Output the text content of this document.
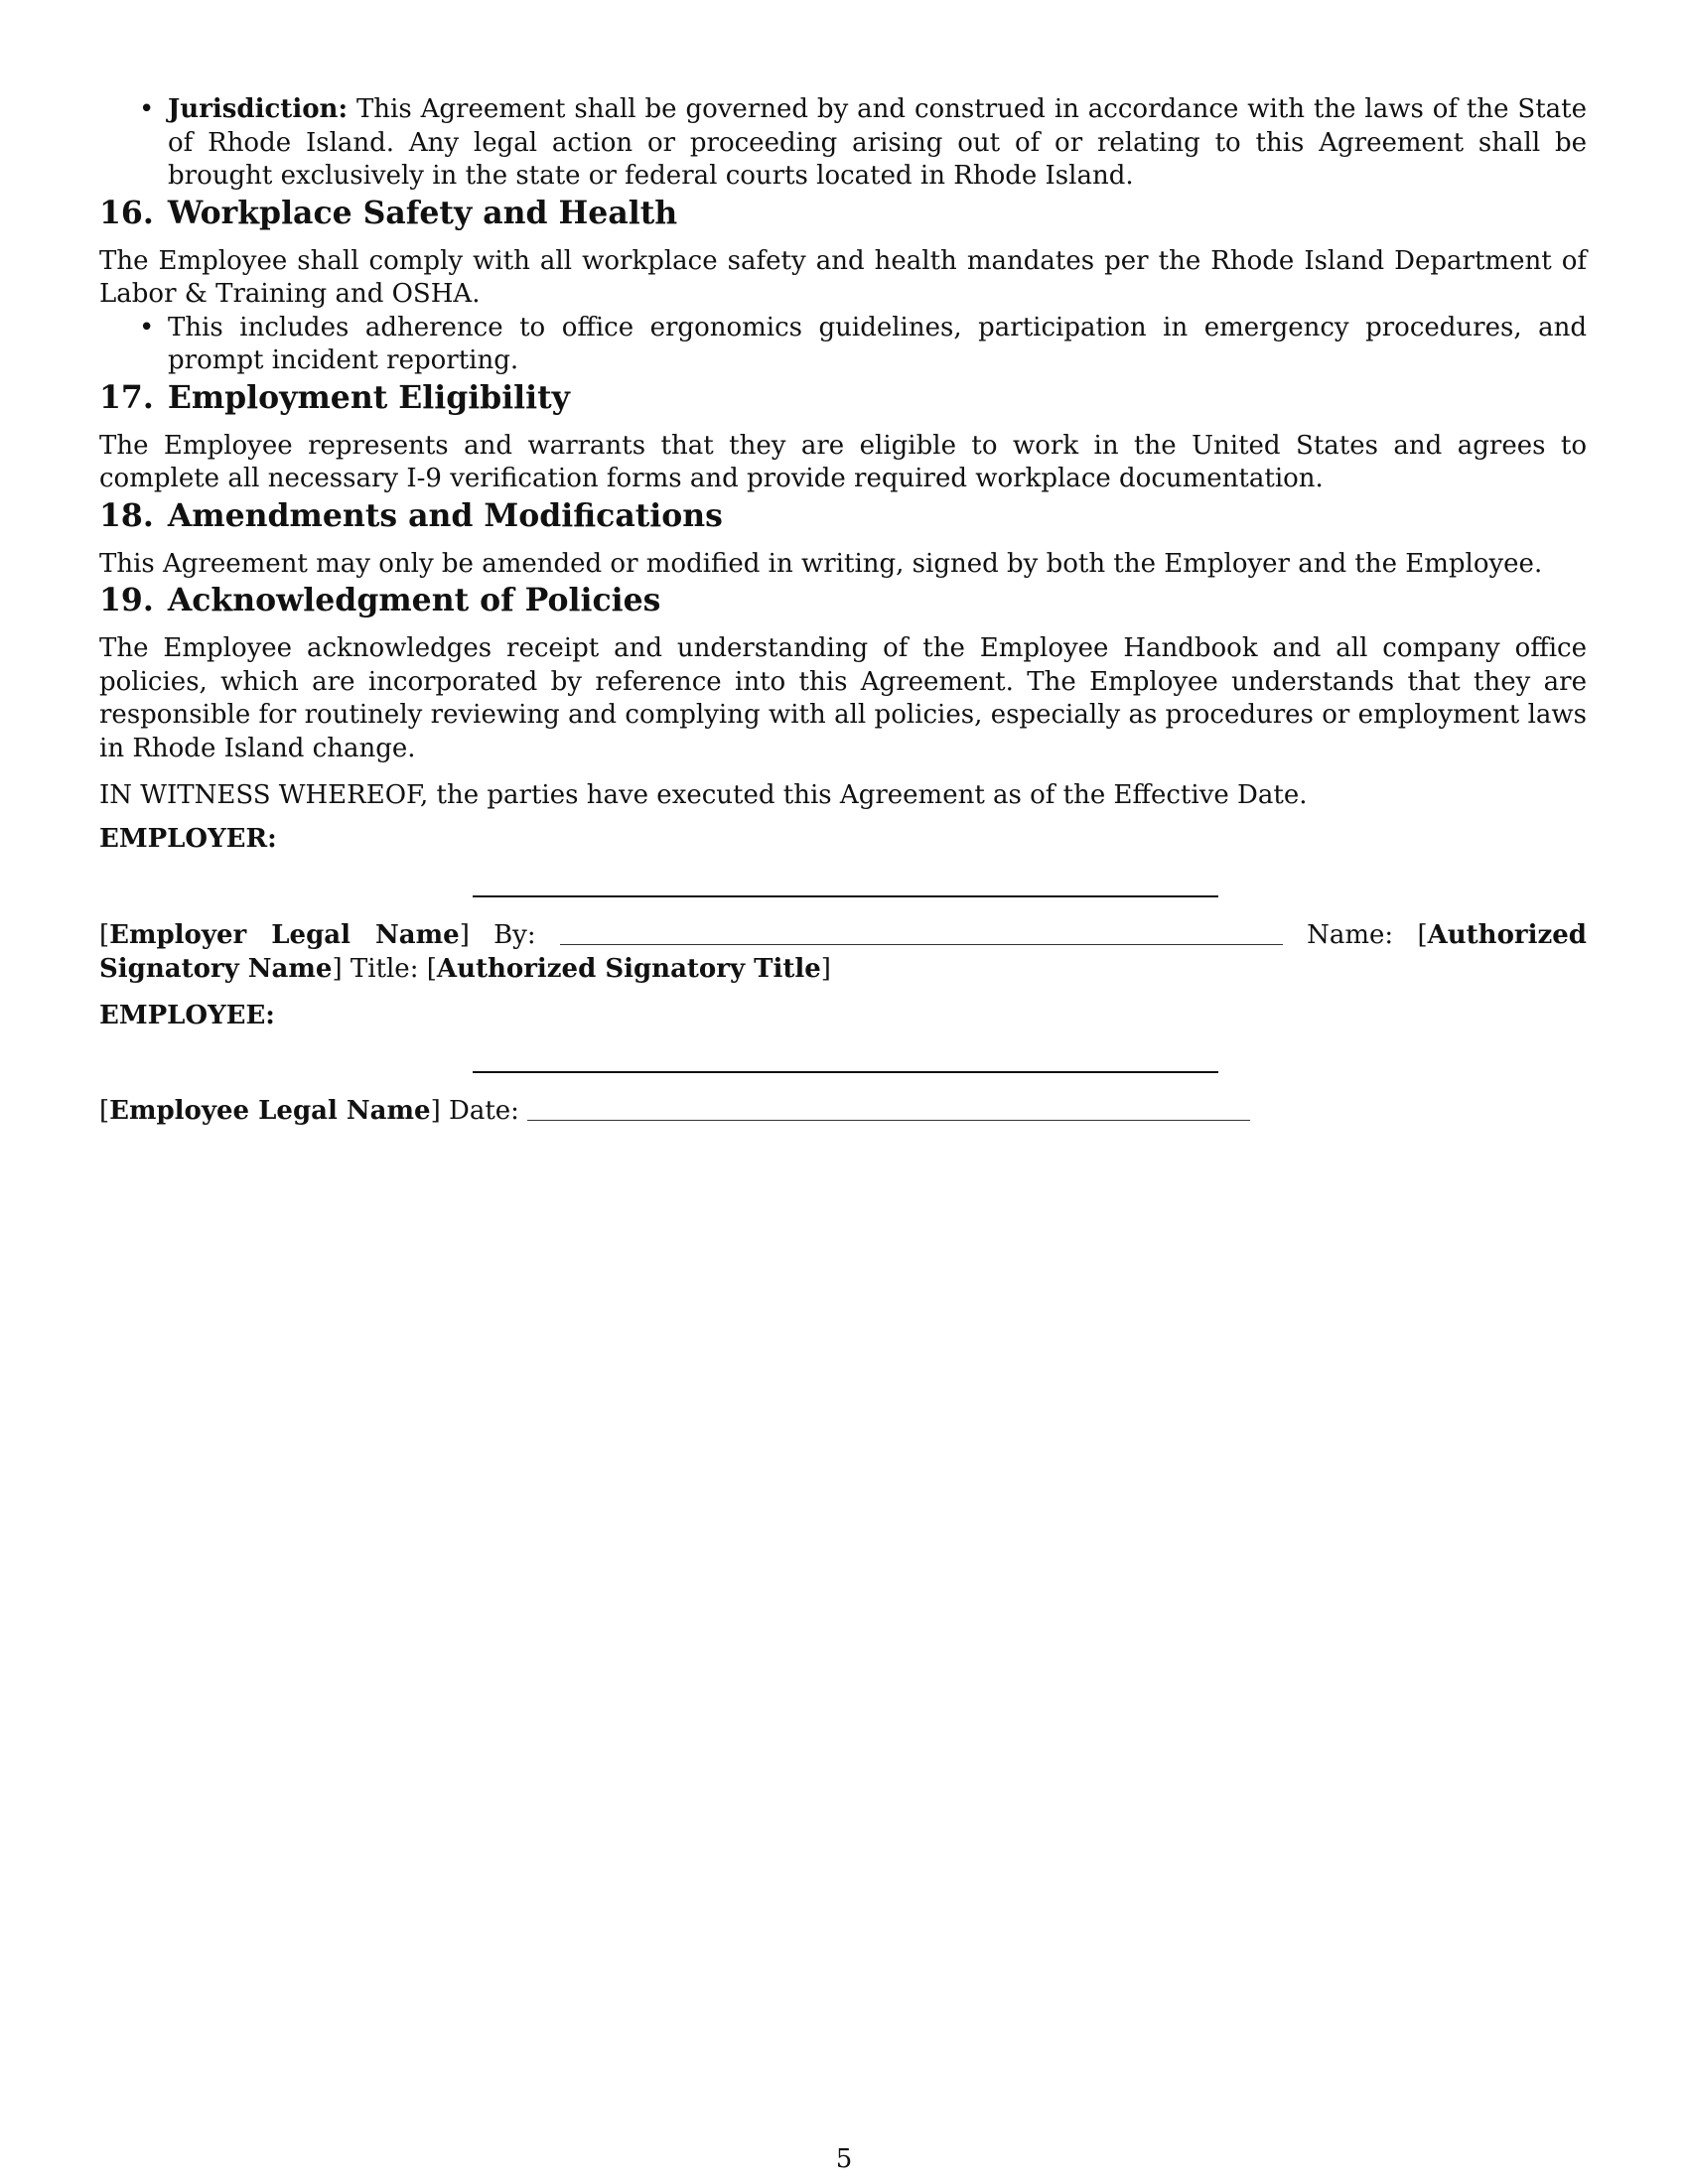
• Jurisdiction: This Agreement shall be governed by and construed in accordance with the laws of the State of Rhode Island. Any legal action or proceeding arising out of or relating to this Agreement shall be brought exclusively in the state or federal courts located in Rhode Island.
16. Workplace Safety and Health

The Employee shall comply with all workplace safety and health mandates per the Rhode Island Department of Labor & Training and OSHA.

• This includes adherence to office ergonomics guidelines, participation in emergency procedures, and prompt incident reporting.
17. Employment Eligibility

The Employee represents and warrants that they are eligible to work in the United States and agrees to complete all necessary I-9 verification forms and provide required workplace documentation.

18. Amendments and Modifications

This Agreement may only be amended or modified in writing, signed by both the Employer and the Employee.

19. Acknowledgment of Policies

The Employee acknowledges receipt and understanding of the Employee Handbook and all company office policies, which are incorporated by reference into this Agreement. The Employee understands that they are responsible for routinely reviewing and complying with all policies, especially as procedures or employment laws in Rhode Island change.

IN WITNESS WHEREOF, the parties have executed this Agreement as of the Effective Date.

EMPLOYER:

[Employer Legal Name] By:	Name: [Authorized Signatory Name] Title: [Authorized Signatory Title]

EMPLOYEE:

[Employee Legal Name] Date:

5
